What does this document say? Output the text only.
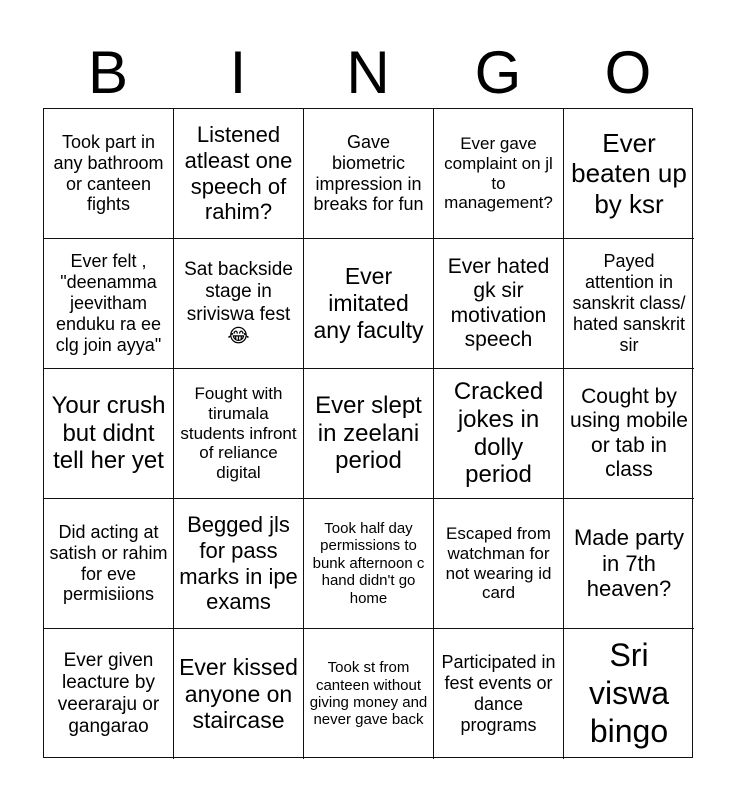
B	I	N	G	O
Took part in any bathroom or canteen fights
Listened atleast one speech of rahim?
Gave biometric impression in breaks for fun
Ever gave complaint on jl to management?
Ever beaten up by ksr
Ever felt , "deenamma jeevitham enduku ra ee clg join ayya"
Sat backside stage in sriviswa fest 😂
Ever imitated any faculty
Ever hated gk sir motivation speech
Payed attention in sanskrit class/ hated sanskrit sir
Your crush but didnt tell her yet
Fought with tirumala students infront of reliance digital
Ever slept in zeelani period
Cracked jokes in dolly period
Cought by using mobile or tab in class
Did acting at satish or rahim for eve permisiions
Begged jls for pass marks in ipe exams
Took half day permissions to bunk afternoon c hand didn't go home
Escaped from watchman for not wearing id card
Made party in 7th heaven?
Ever given leacture by veeraraju or gangarao
Ever kissed anyone on staircase
Took st from canteen without giving money and never gave back
Participated in fest events or dance programs
Sri viswa bingo
